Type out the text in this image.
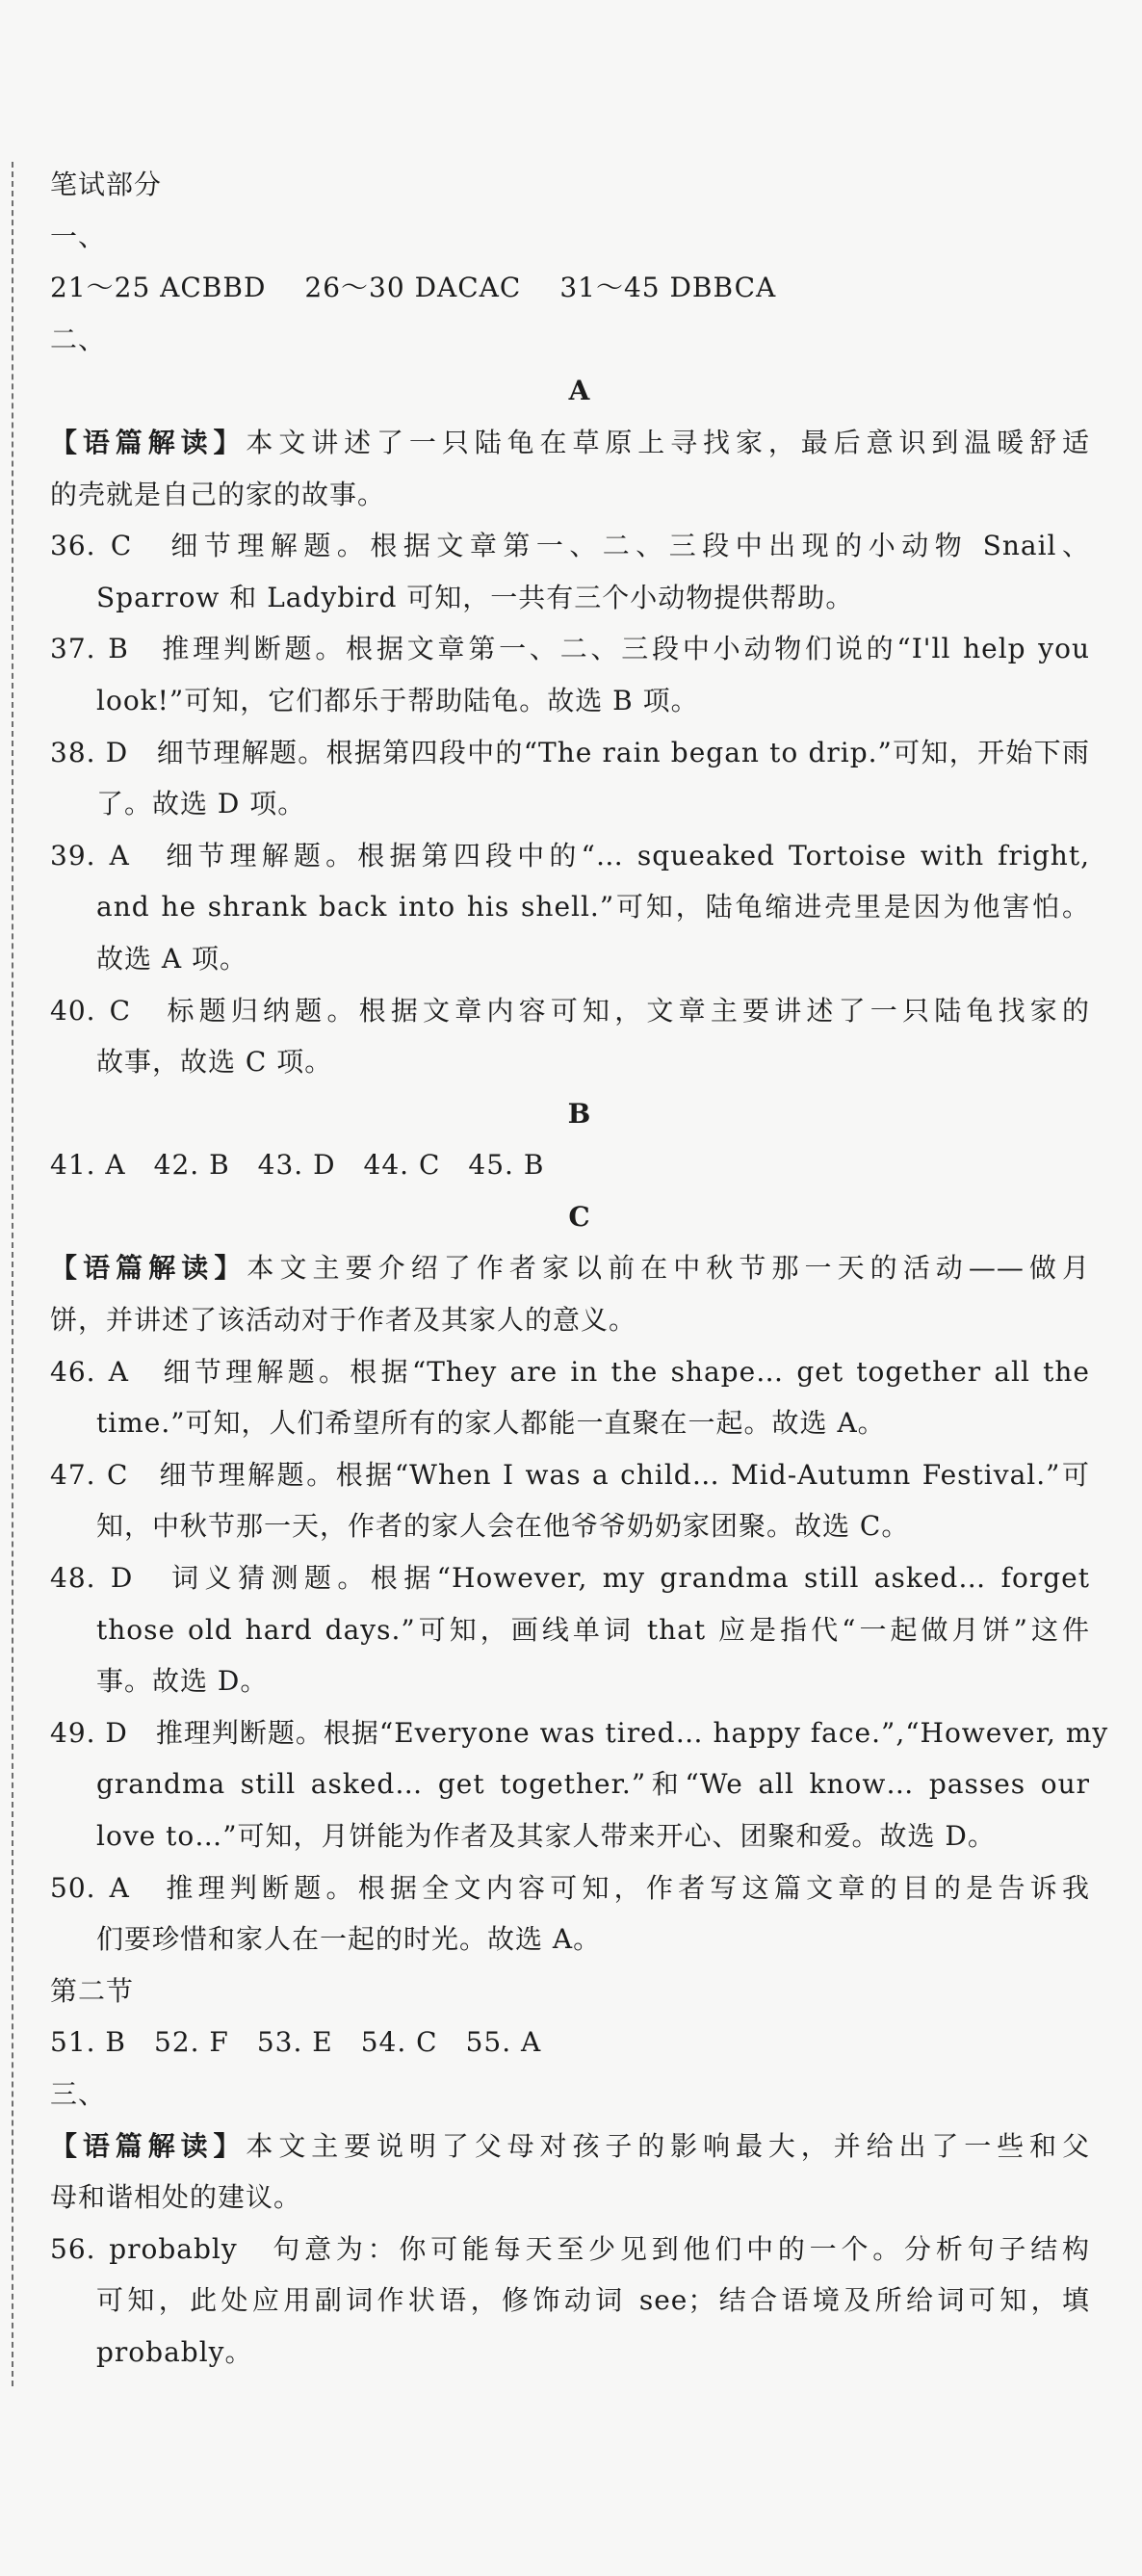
笔试部分
一、
21～25 ACBBD 26～30 DACAC 31～45 DBBCA
二、
A
【语篇解读】本文讲述了一只陆龟在草原上寻找家，最后意识到温暖舒适
的壳就是自己的家的故事。
36. C　细节理解题。根据文章第一、二、三段中出现的小动物 Snail、
Sparrow 和 Ladybird 可知，一共有三个小动物提供帮助。
37. B　推理判断题。根据文章第一、二、三段中小动物们说的“I'll help you
look!”可知，它们都乐于帮助陆龟。故选 B 项。
38. D　细节理解题。根据第四段中的“The rain began to drip.”可知，开始下雨
了。故选 D 项。
39. A　细节理解题。根据第四段中的“… squeaked Tortoise with fright,
and he shrank back into his shell.”可知，陆龟缩进壳里是因为他害怕。
故选 A 项。
40. C　标题归纳题。根据文章内容可知，文章主要讲述了一只陆龟找家的
故事，故选 C 项。
B
41. A　42. B　43. D　44. C　45. B
C
【语篇解读】本文主要介绍了作者家以前在中秋节那一天的活动——做月
饼，并讲述了该活动对于作者及其家人的意义。
46. A　细节理解题。根据“They are in the shape… get together all the
time.”可知，人们希望所有的家人都能一直聚在一起。故选 A。
47. C　细节理解题。根据“When I was a child… Mid-Autumn Festival.”可
知，中秋节那一天，作者的家人会在他爷爷奶奶家团聚。故选 C。
48. D　词义猜测题。根据“However, my grandma still asked… forget
those old hard days.”可知，画线单词 that 应是指代“一起做月饼”这件
事。故选 D。
49. D　推理判断题。根据“Everyone was tired… happy face.”,“However, my
grandma still asked… get together.”和“We all know… passes our
love to…”可知，月饼能为作者及其家人带来开心、团聚和爱。故选 D。
50. A　推理判断题。根据全文内容可知，作者写这篇文章的目的是告诉我
们要珍惜和家人在一起的时光。故选 A。
第二节
51. B　52. F　53. E　54. C　55. A
三、
【语篇解读】本文主要说明了父母对孩子的影响最大，并给出了一些和父
母和谐相处的建议。
56. probably　句意为：你可能每天至少见到他们中的一个。分析句子结构
可知，此处应用副词作状语，修饰动词 see；结合语境及所给词可知，填
probably。
